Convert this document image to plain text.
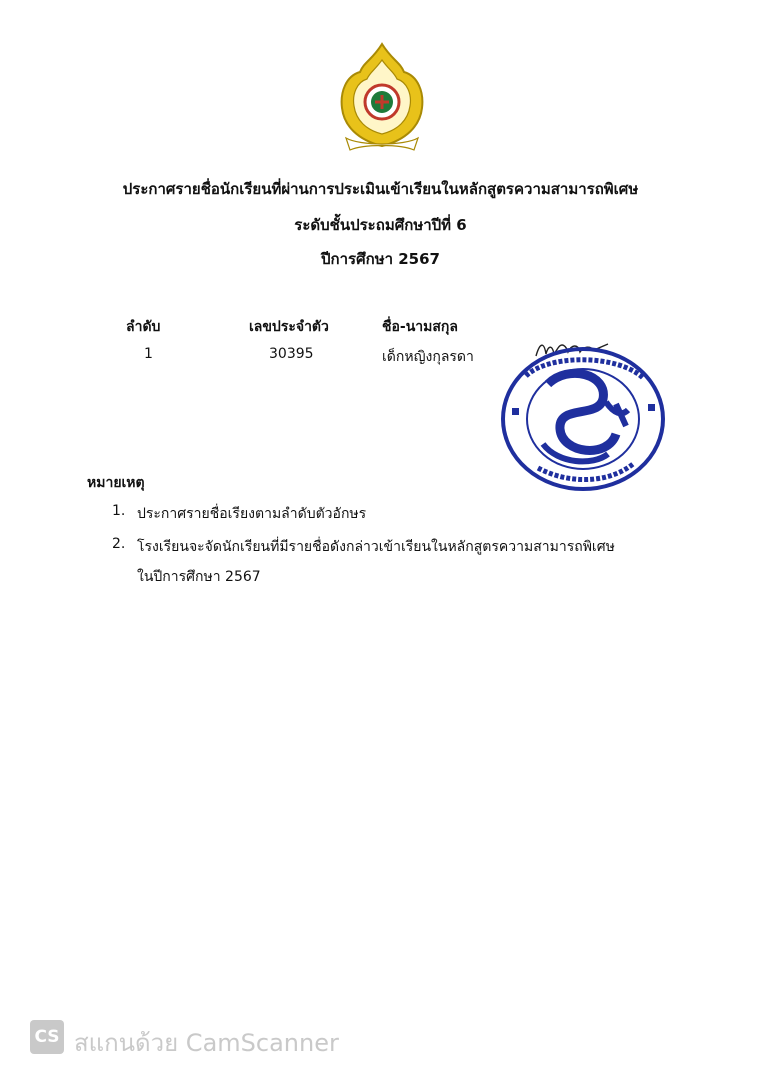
ประกาศรายชื่อนักเรียนที่ผ่านการประเมินเข้าเรียนในหลักสูตรความสามารถพิเศษ
ระดับชั้นประถมศึกษาปีที่ 6
ปีการศึกษา 2567
ลำดับ	เลขประจำตัว	ชื่อ-นามสกุล
1	30395	เด็กหญิงกุลรดา
หมายเหตุ
1. ประกาศรายชื่อเรียงตามลำดับตัวอักษร
2. โรงเรียนจะจัดนักเรียนที่มีรายชื่อดังกล่าวเข้าเรียนในหลักสูตรความสามารถพิเศษ
ในปีการศึกษา 2567
CS สแกนด้วย CamScanner
